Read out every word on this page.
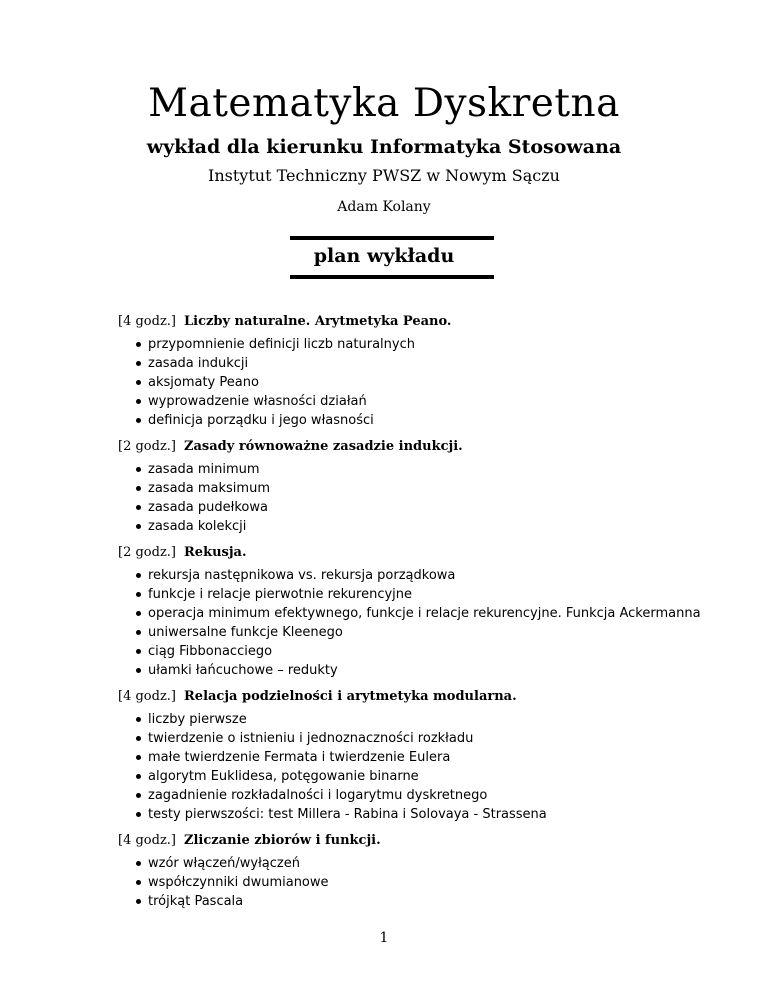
Matematyka Dyskretna
wykład dla kierunku Informatyka Stosowana
Instytut Techniczny PWSZ w Nowym Sączu
Adam Kolany
plan wykładu
[4 godz.] Liczby naturalne. Arytmetyka Peano.
przypomnienie definicji liczb naturalnych
zasada indukcji
aksjomaty Peano
wyprowadzenie własności działań
definicja porządku i jego własności
[2 godz.] Zasady równoważne zasadzie indukcji.
zasada minimum
zasada maksimum
zasada pudełkowa
zasada kolekcji
[2 godz.] Rekusja.
rekursja następnikowa vs. rekursja porządkowa
funkcje i relacje pierwotnie rekurencyjne
operacja minimum efektywnego, funkcje i relacje rekurencyjne. Funkcja Ackermanna
uniwersalne funkcje Kleenego
ciąg Fibbonacciego
ułamki łańcuchowe – redukty
[4 godz.] Relacja podzielności i arytmetyka modularna.
liczby pierwsze
twierdzenie o istnieniu i jednoznaczności rozkładu
małe twierdzenie Fermata i twierdzenie Eulera
algorytm Euklidesa, potęgowanie binarne
zagadnienie rozkładalności i logarytmu dyskretnego
testy pierwszości: test Millera - Rabina i Solovaya - Strassena
[4 godz.] Zliczanie zbiorów i funkcji.
wzór włączeń/wyłączeń
współczynniki dwumianowe
trójkąt Pascala
1
